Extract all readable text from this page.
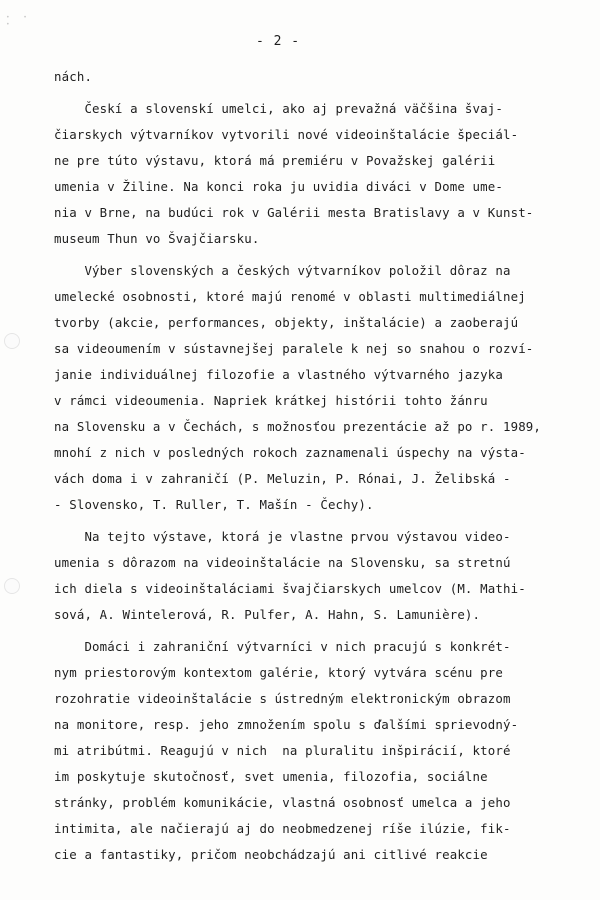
• • •
- 2 -
nách.
Českí a slovenskí umelci, ako aj prevažná väčšina švaj-
čiarskych výtvarníkov vytvorili nové videoinštalácie špeciál-
ne pre túto výstavu, ktorá má premiéru v Považskej galérii
umenia v Žiline. Na konci roka ju uvidia diváci v Dome ume-
nia v Brne, na budúci rok v Galérii mesta Bratislavy a v Kunst-
museum Thun vo Švajčiarsku.
Výber slovenských a českých výtvarníkov položil dôraz na
umelecké osobnosti, ktoré majú renomé v oblasti multimediálnej
tvorby (akcie, performances, objekty, inštalácie) a zaoberajú
sa videoumením v sústavnejšej paralele k nej so snahou o rozví-
janie individuálnej filozofie a vlastného výtvarného jazyka
v rámci videoumenia. Napriek krátkej histórii tohto žánru
na Slovensku a v Čechách, s možnosťou prezentácie až po r. 1989,
mnohí z nich v posledných rokoch zaznamenali úspechy na výsta-
vách doma i v zahraničí (P. Meluzin, P. Rónai, J. Želibská -
- Slovensko, T. Ruller, T. Mašín - Čechy).
Na tejto výstave, ktorá je vlastne prvou výstavou video-
umenia s dôrazom na videoinštalácie na Slovensku, sa stretnú
ich diela s videoinštaláciami švajčiarskych umelcov (M. Mathi-
sová, A. Wintelerová, R. Pulfer, A. Hahn, S. Lamunière).
Domáci i zahraniční výtvarníci v nich pracujú s konkrét-
nym priestorovým kontextom galérie, ktorý vytvára scénu pre
rozohratie videoinštalácie s ústredným elektronickým obrazom
na monitore, resp. jeho zmnožením spolu s ďalšími sprievodný-
mi atribútmi. Reagujú v nich  na pluralitu inšpirácií, ktoré
im poskytuje skutočnosť, svet umenia, filozofia, sociálne
stránky, problém komunikácie, vlastná osobnosť umelca a jeho
intimita, ale načierajú aj do neobmedzenej ríše ilúzie, fik-
cie a fantastiky, pričom neobchádzajú ani citlivé reakcie
